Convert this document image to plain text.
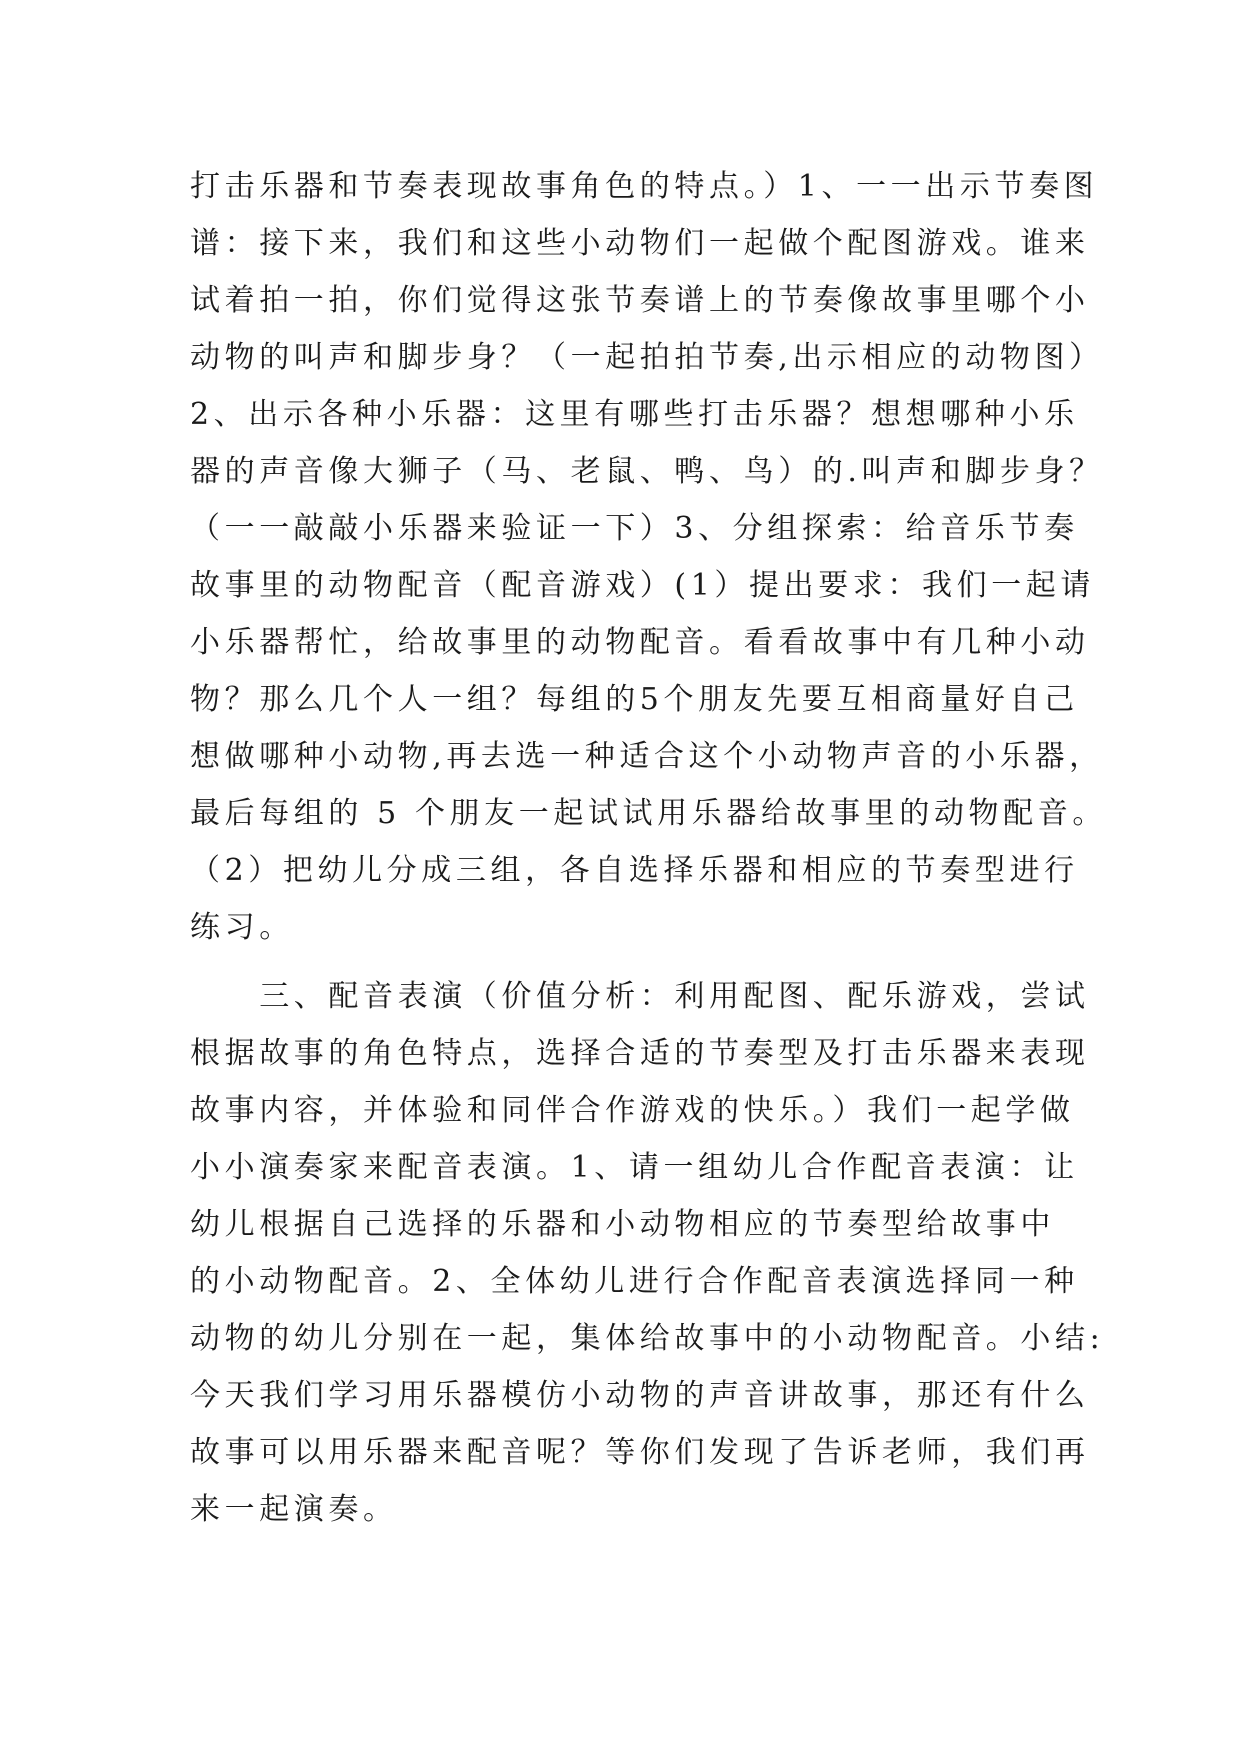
打击乐器和节奏表现故事角色的特点。）1、一一出示节奏图
谱：接下来，我们和这些小动物们一起做个配图游戏。谁来
试着拍一拍，你们觉得这张节奏谱上的节奏像故事里哪个小
动物的叫声和脚步身？（一起拍拍节奏,出示相应的动物图）
2、出示各种小乐器：这里有哪些打击乐器？想想哪种小乐
器的声音像大狮子（马、老鼠、鸭、鸟）的.叫声和脚步身？
（一一敲敲小乐器来验证一下）3、分组探索：给音乐节奏
故事里的动物配音（配音游戏）(1）提出要求：我们一起请
小乐器帮忙，给故事里的动物配音。看看故事中有几种小动
物？那么几个人一组？每组的5个朋友先要互相商量好自己
想做哪种小动物,再去选一种适合这个小动物声音的小乐器，
最后每组的 5 个朋友一起试试用乐器给故事里的动物配音。
（2）把幼儿分成三组，各自选择乐器和相应的节奏型进行
练习。
　　三、配音表演（价值分析：利用配图、配乐游戏，尝试
根据故事的角色特点，选择合适的节奏型及打击乐器来表现
故事内容，并体验和同伴合作游戏的快乐。）我们一起学做
小小演奏家来配音表演。1、请一组幼儿合作配音表演：让
幼儿根据自己选择的乐器和小动物相应的节奏型给故事中
的小动物配音。2、全体幼儿进行合作配音表演选择同一种
动物的幼儿分别在一起，集体给故事中的小动物配音。小结:
今天我们学习用乐器模仿小动物的声音讲故事，那还有什么
故事可以用乐器来配音呢？等你们发现了告诉老师，我们再
来一起演奏。
